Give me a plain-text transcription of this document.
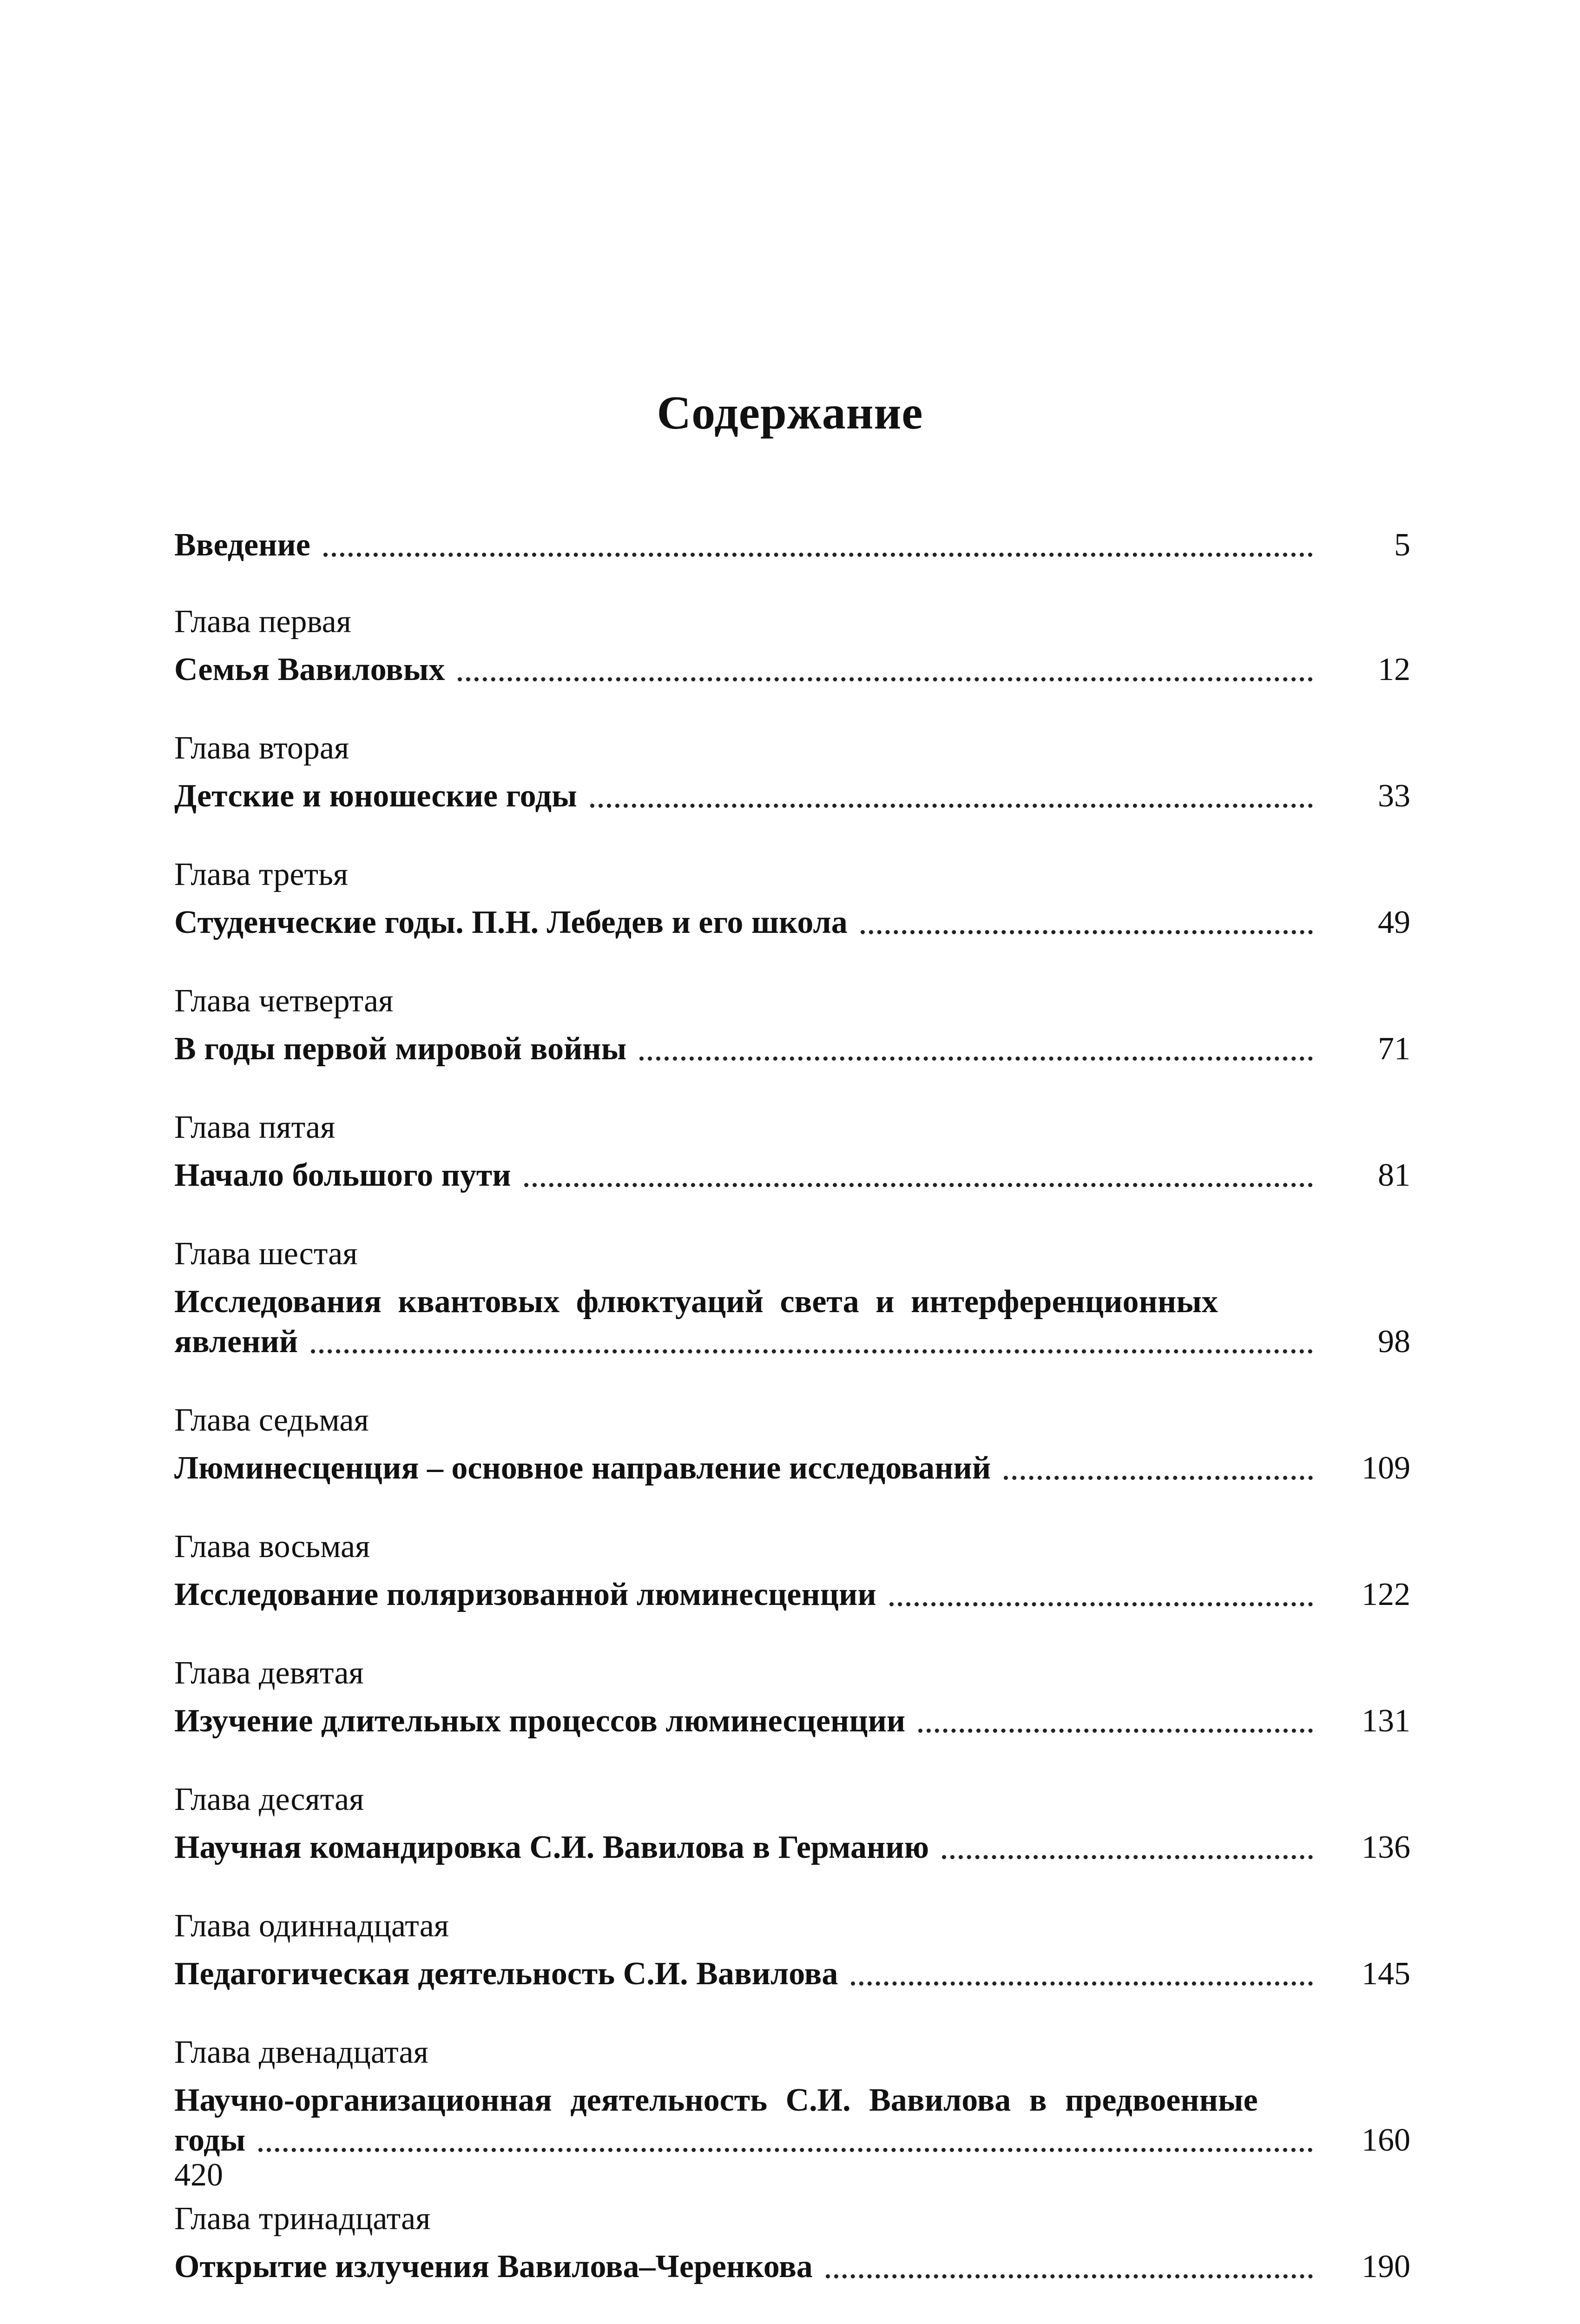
Содержание
Введение	5
Глава первая
Семья Вавиловых	12
Глава вторая
Детские и юношеские годы	33
Глава третья
Студенческие годы. П.Н. Лебедев и его школа	49
Глава четвертая
В годы первой мировой войны	71
Глава пятая
Начало большого пути	81
Глава шестая
Исследования квантовых флюктуаций света и интерференционных
явлений	98
Глава седьмая
Люминесценция – основное направление исследований	109
Глава восьмая
Исследование поляризованной люминесценции	122
Глава девятая
Изучение длительных процессов люминесценции	131
Глава десятая
Научная командировка С.И. Вавилова в Германию	136
Глава одиннадцатая
Педагогическая деятельность С.И. Вавилова	145
Глава двенадцатая
Научно-организационная деятельность С.И. Вавилова в предвоенные
годы	160
Глава тринадцатая
Открытие излучения Вавилова–Черенкова	190
420
